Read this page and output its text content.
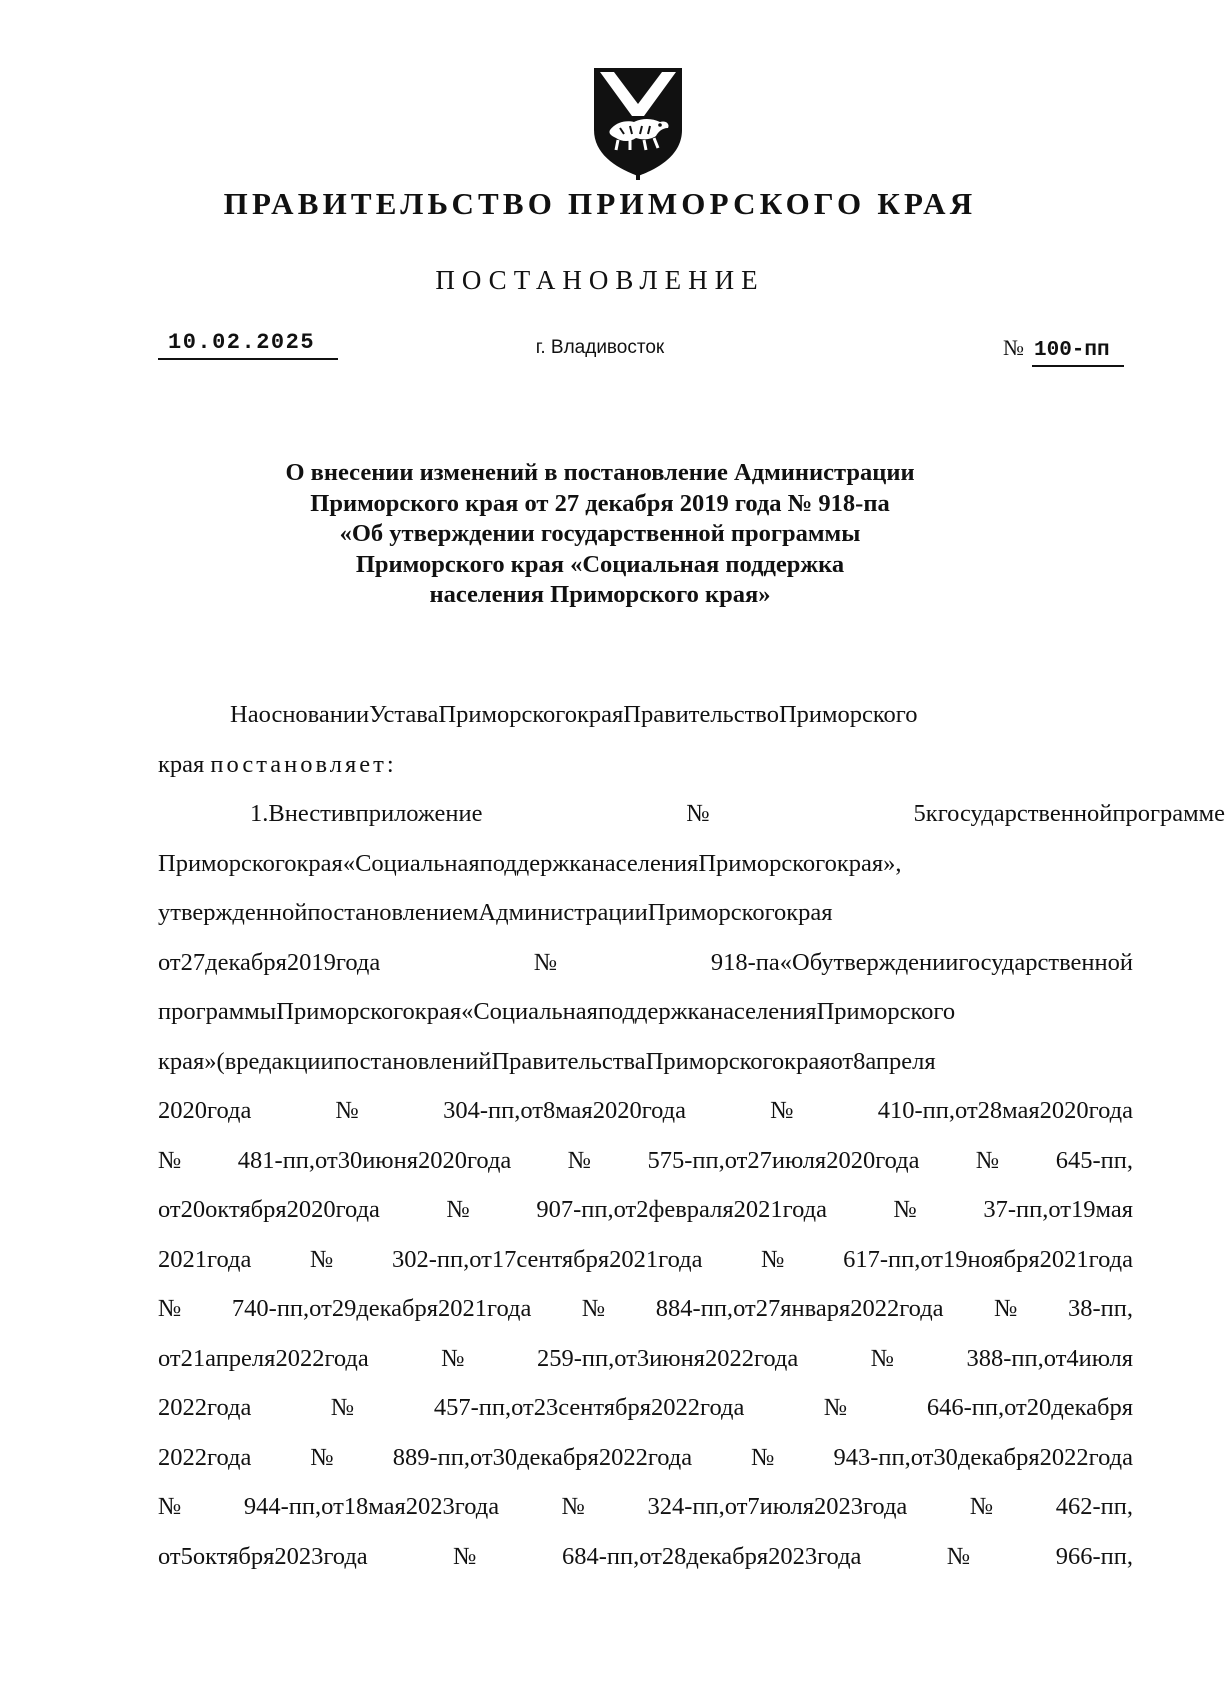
ПРАВИТЕЛЬСТВО ПРИМОРСКОГО КРАЯ
ПОСТАНОВЛЕНИЕ
10.02.2025	г. Владивосток	№ 100-пп
О внесении изменений в постановление Администрации
Приморского края от 27 декабря 2019 года № 918-па
«Об утверждении государственной программы
Приморского края «Социальная поддержка
населения Приморского края»
НаоснованииУставаПриморскогокраяПравительствоПриморского
края постановляет:
1.Внестивприложение№5кгосударственнойпрограмме
Приморскогокрая«СоциальнаяподдержканаселенияПриморскогокрая»,
утвержденнойпостановлениемАдминистрацииПриморскогокрая
от27декабря2019года№918-па«Обутверждениигосударственной
программыПриморскогокрая«СоциальнаяподдержканаселенияПриморского
края»(вредакциипостановленийПравительстваПриморскогокраяот8апреля
2020года№304-пп,от8мая2020года№410-пп,от28мая2020года
№481-пп,от30июня2020года№575-пп,от27июля2020года№645-пп,
от20октября2020года№907-пп,от2февраля2021года№37-пп,от19мая
2021года№302-пп,от17сентября2021года№617-пп,от19ноября2021года
№740-пп,от29декабря2021года№884-пп,от27января2022года№38-пп,
от21апреля2022года№259-пп,от3июня2022года№388-пп,от4июля
2022года№457-пп,от23сентября2022года№646-пп,от20декабря
2022года№889-пп,от30декабря2022года№943-пп,от30декабря2022года
№944-пп,от18мая2023года№324-пп,от7июля2023года№462-пп,
от5октября2023года№684-пп,от28декабря2023года№966-пп,
